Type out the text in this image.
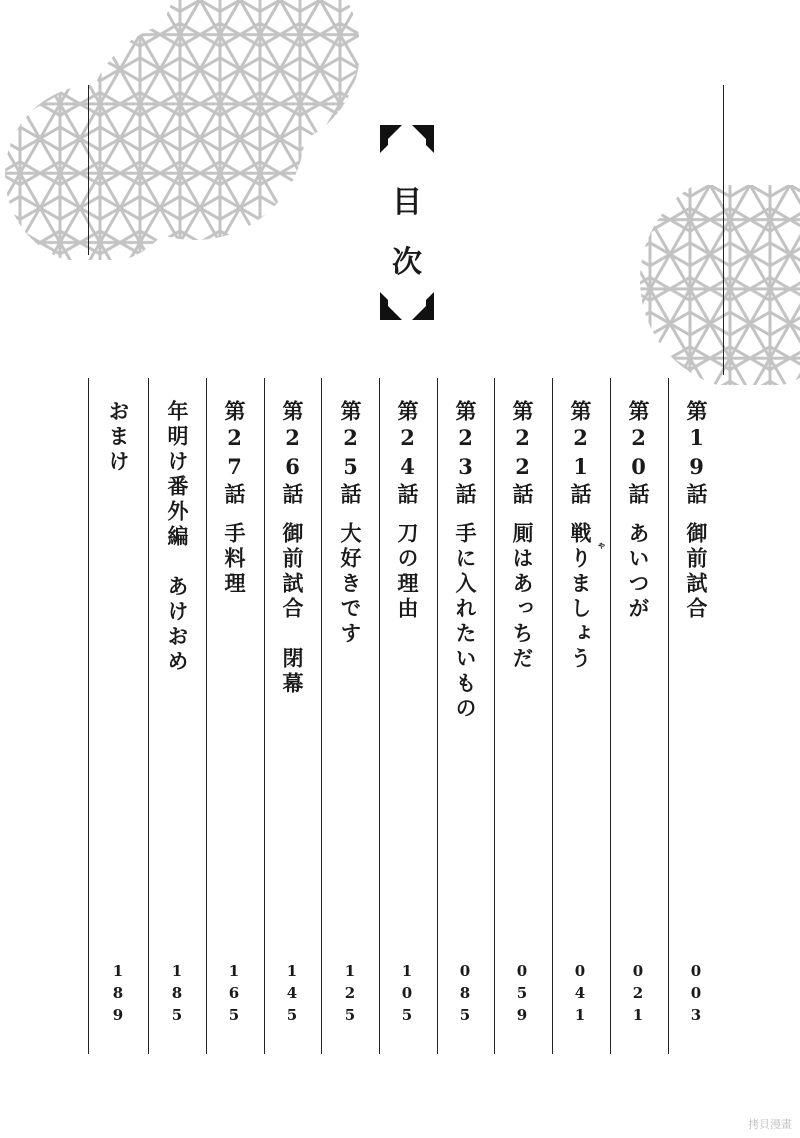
目
次
第19話
御前試合
第20話
あいつが
第21話
戦りましょう ゃ
第22話
厠はあっちだ
第23話
手に入れたいもの
第24話
刀の理由
第25話
大好きです
第26話
御前試合　閉幕
第27話
手料理
年明け番外編　あけおめ
おまけ
003
021
041
059
085
105
125
145
165
185
189
拷貝漫畫
